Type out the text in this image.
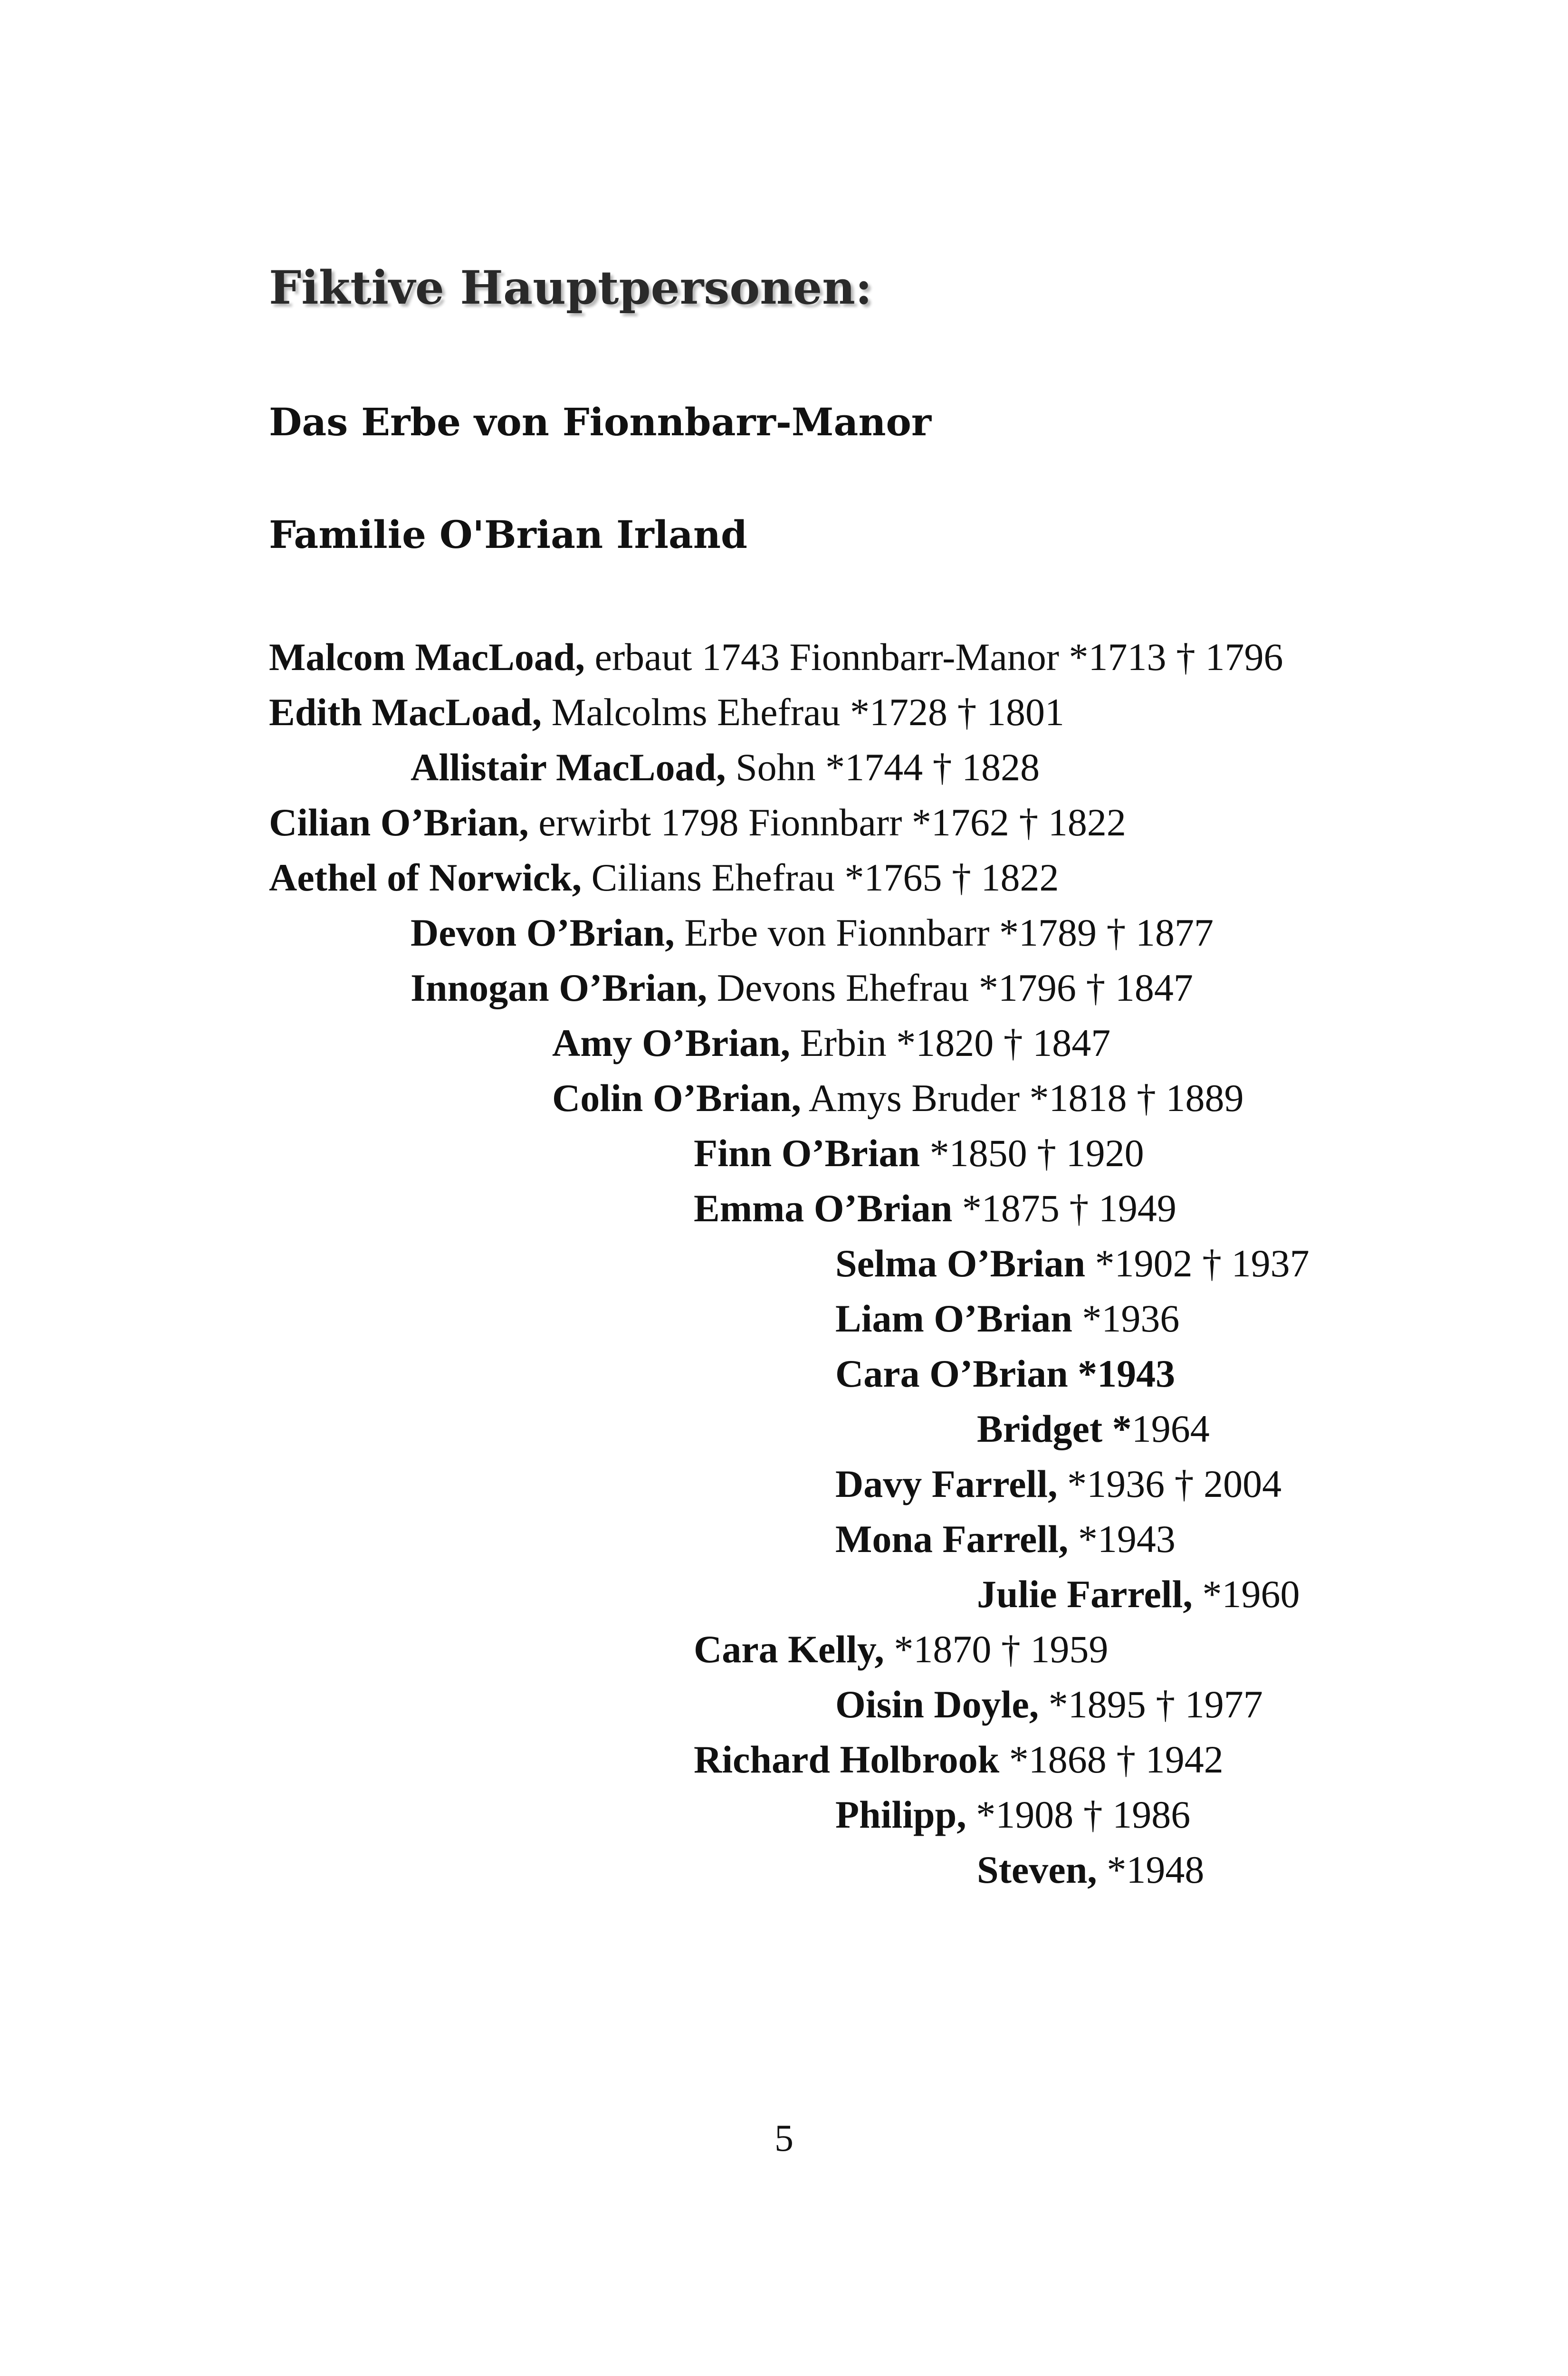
Fiktive Hauptpersonen:
Das Erbe von Fionnbarr-Manor
Familie O'Brian Irland
Malcom MacLoad, erbaut 1743 Fionnbarr-Manor *1713 † 1796
Edith MacLoad, Malcolms Ehefrau *1728 † 1801
Allistair MacLoad, Sohn *1744 † 1828
Cilian O’Brian, erwirbt 1798 Fionnbarr *1762 † 1822
Aethel of Norwick, Cilians Ehefrau *1765 † 1822
Devon O’Brian, Erbe von Fionnbarr *1789 † 1877
Innogan O’Brian, Devons Ehefrau *1796 † 1847
Amy O’Brian, Erbin *1820 † 1847
Colin O’Brian, Amys Bruder *1818 † 1889
Finn O’Brian *1850 † 1920
Emma O’Brian *1875 † 1949
Selma O’Brian *1902 † 1937
Liam O’Brian *1936
Cara O’Brian *1943
Bridget *1964
Davy Farrell, *1936 † 2004
Mona Farrell, *1943
Julie Farrell, *1960
Cara Kelly, *1870 † 1959
Oisin Doyle, *1895 † 1977
Richard Holbrook *1868 † 1942
Philipp, *1908 † 1986
Steven, *1948
5
